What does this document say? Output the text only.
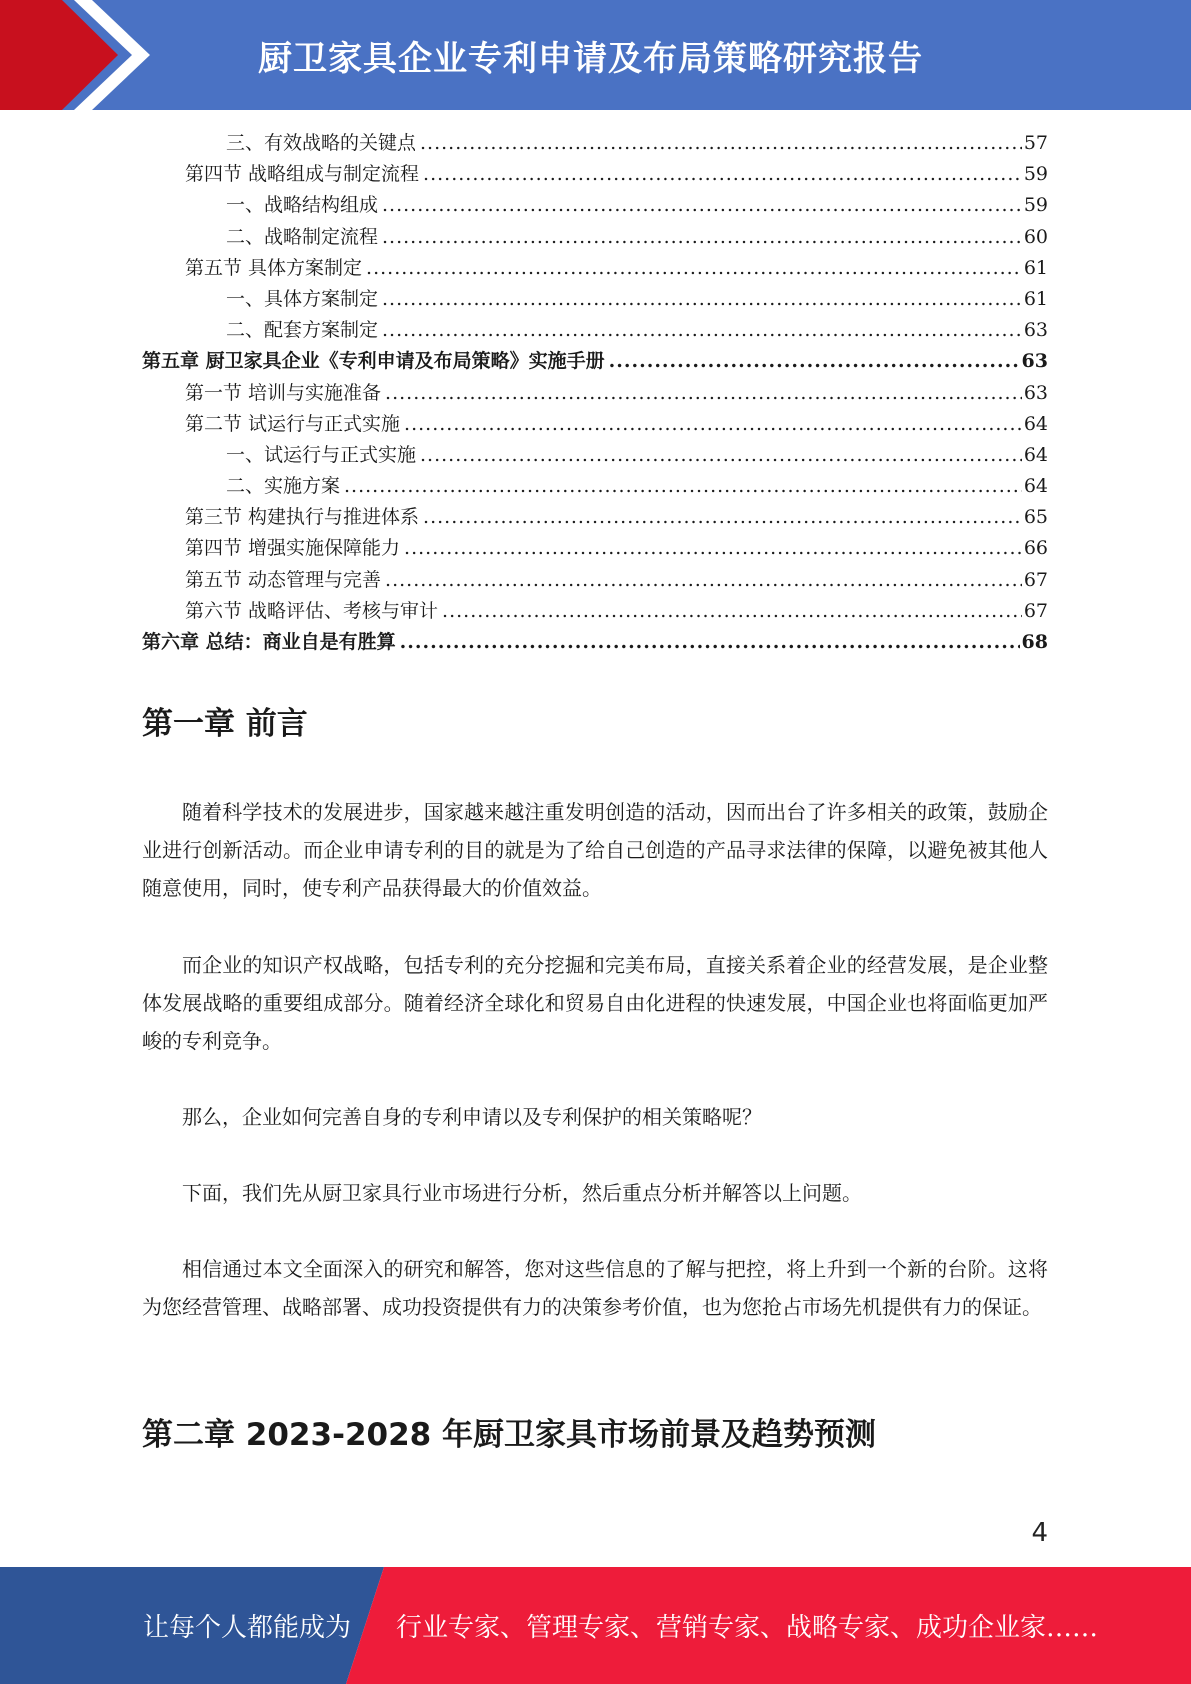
厨卫家具企业专利申请及布局策略研究报告
三、有效战略的关键点 .....	57
第四节 战略组成与制定流程 .....	59
一、战略结构组成 .....	59
二、战略制定流程 .....	60
第五节 具体方案制定 .....	61
一、具体方案制定 .....	61
二、配套方案制定 .....	63
第五章 厨卫家具企业《专利申请及布局策略》实施手册 .....	63
第一节 培训与实施准备 .....	63
第二节 试运行与正式实施 .....	64
一、试运行与正式实施 .....	64
二、实施方案 .....	64
第三节 构建执行与推进体系 .....	65
第四节 增强实施保障能力 .....	66
第五节 动态管理与完善 .....	67
第六节 战略评估、考核与审计 .....	67
第六章 总结：商业自是有胜算 .....	68
第一章 前言

随着科学技术的发展进步，国家越来越注重发明创造的活动，因而出台了许多相关的政策，鼓励企业进行创新活动。而企业申请专利的目的就是为了给自己创造的产品寻求法律的保障，以避免被其他人随意使用，同时，使专利产品获得最大的价值效益。

而企业的知识产权战略，包括专利的充分挖掘和完美布局，直接关系着企业的经营发展，是企业整体发展战略的重要组成部分。随着经济全球化和贸易自由化进程的快速发展，中国企业也将面临更加严峻的专利竞争。

那么，企业如何完善自身的专利申请以及专利保护的相关策略呢？

下面，我们先从厨卫家具行业市场进行分析，然后重点分析并解答以上问题。

相信通过本文全面深入的研究和解答，您对这些信息的了解与把控，将上升到一个新的台阶。这将为您经营管理、战略部署、成功投资提供有力的决策参考价值，也为您抢占市场先机提供有力的保证。

第二章 2023-2028 年厨卫家具市场前景及趋势预测
4
让每个人都能成为 行业专家、管理专家、营销专家、战略专家、成功企业家……
